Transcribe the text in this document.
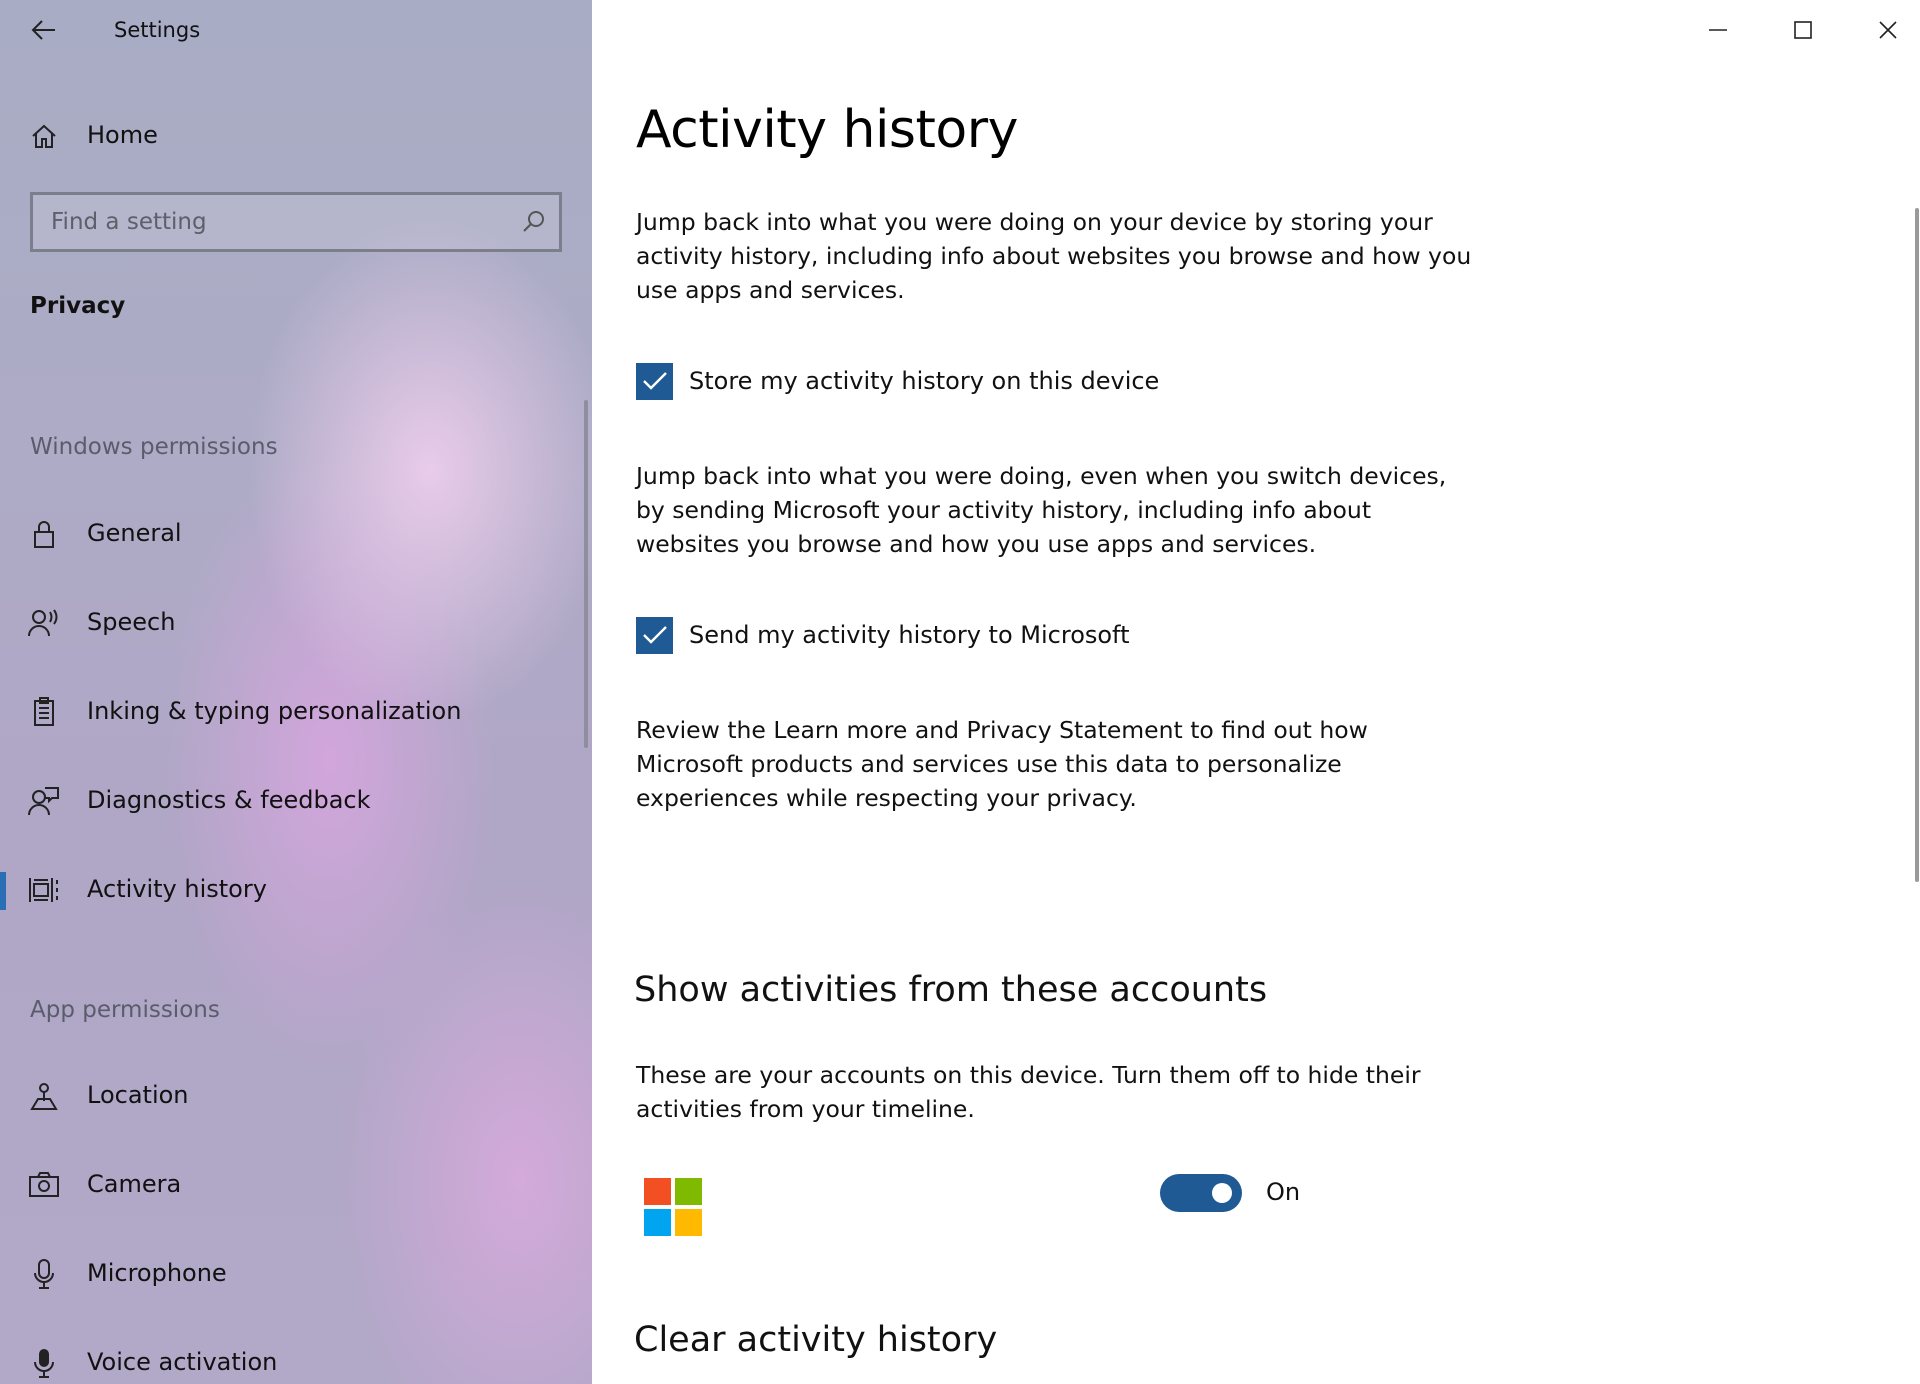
Settings
Home
Find a setting
Privacy
Windows permissions
General
Speech
Inking & typing personalization
Diagnostics & feedback
Activity history
App permissions
Location
Camera
Microphone
Voice activation
Activity history

Jump back into what you were doing on your device by storing your activity history, including info about websites you browse and how you use apps and services.

Store my activity history on this device

Jump back into what you were doing, even when you switch devices, by sending Microsoft your activity history, including info about websites you browse and how you use apps and services.

Send my activity history to Microsoft

Review the Learn more and Privacy Statement to find out how Microsoft products and services use this data to personalize experiences while respecting your privacy.

Show activities from these accounts

These are your accounts on this device. Turn them off to hide their activities from your timeline.

On
Clear activity history
